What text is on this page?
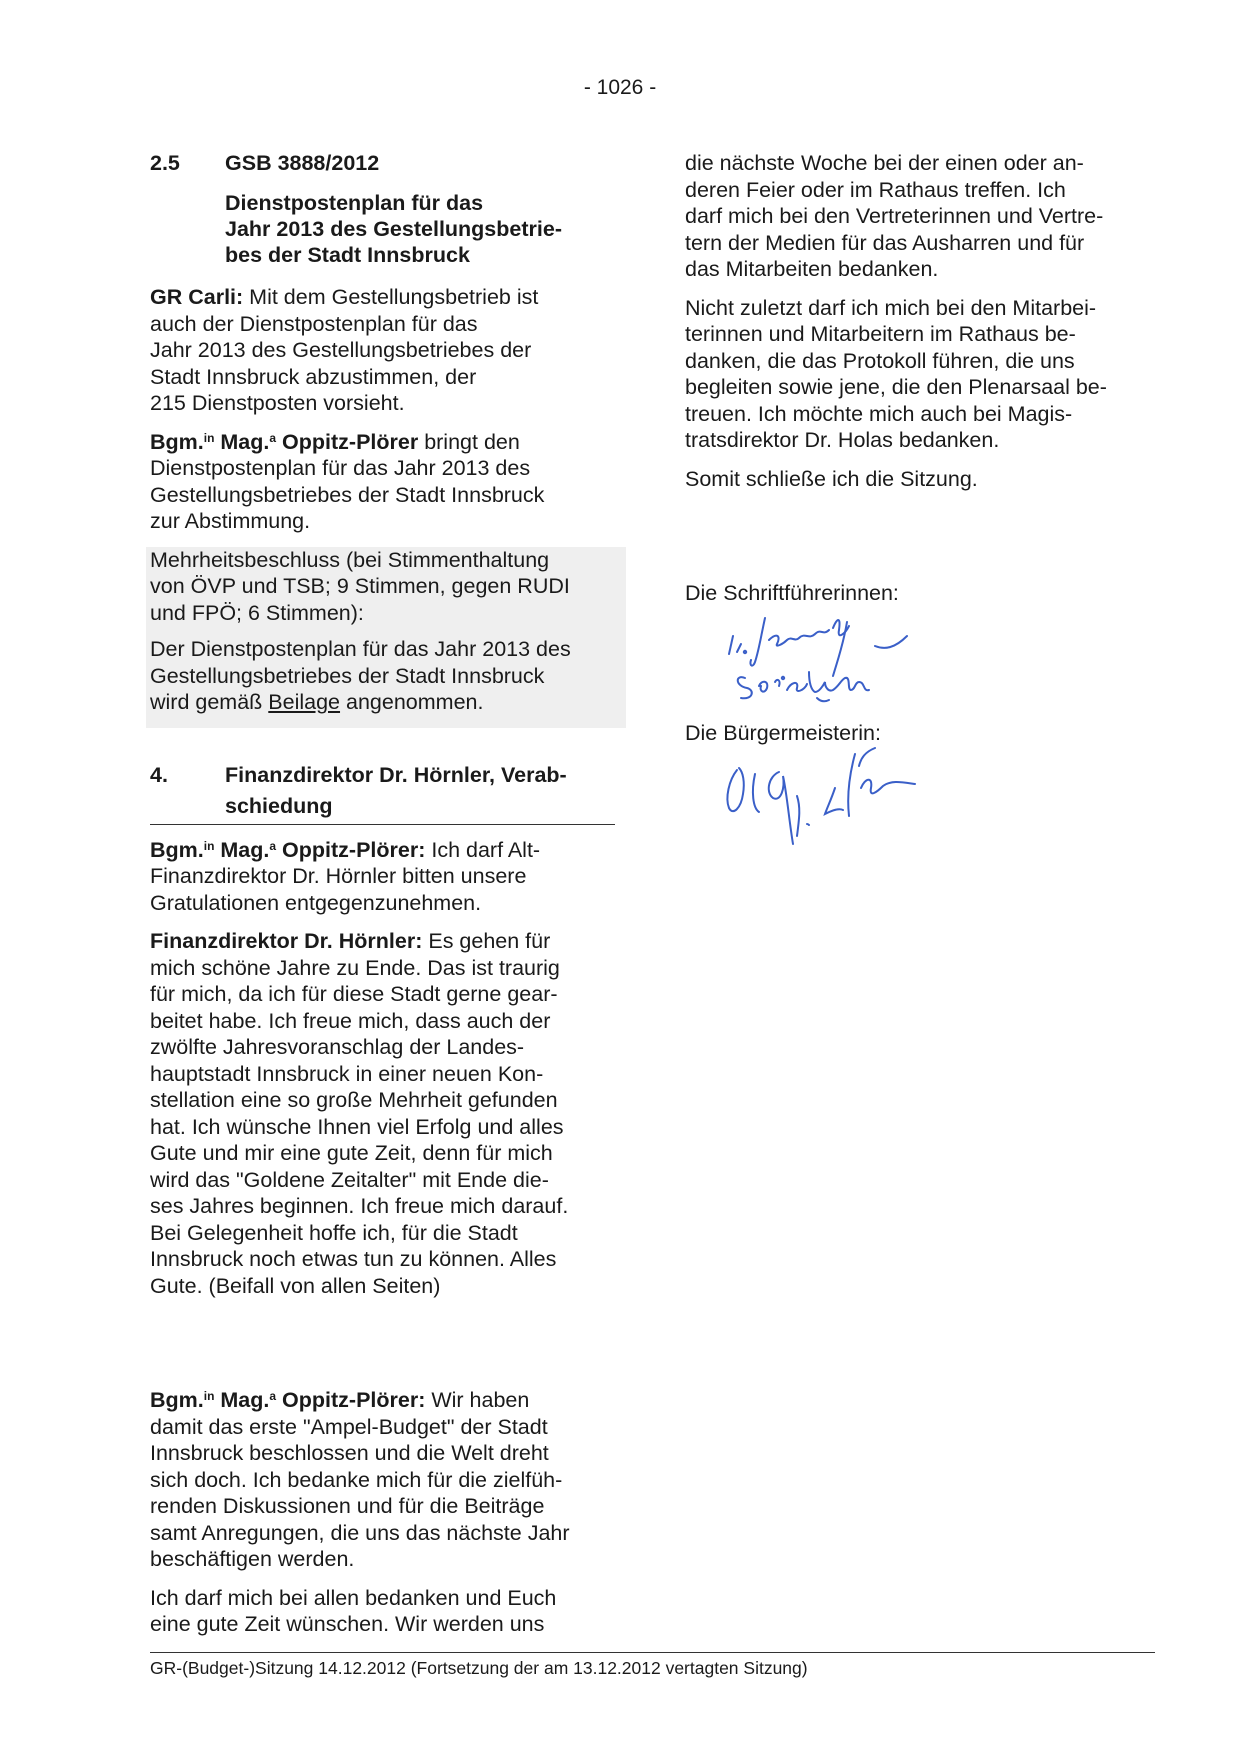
- 1026 -
2.5	GSB 3888/2012
Dienstpostenplan für das
Jahr 2013 des Gestellungsbetrie-
bes der Stadt Innsbruck

GR Carli: Mit dem Gestellungsbetrieb ist
auch der Dienstpostenplan für das
Jahr 2013 des Gestellungsbetriebes der
Stadt Innsbruck abzustimmen, der
215 Dienstposten vorsieht.

Bgm.$^{in}$ Mag.$^a$ Oppitz-Plörer bringt den
Dienstpostenplan für das Jahr 2013 des
Gestellungsbetriebes der Stadt Innsbruck
zur Abstimmung.

Mehrheitsbeschluss (bei Stimmenthaltung
von ÖVP und TSB; 9 Stimmen, gegen RUDI
und FPÖ; 6 Stimmen):

Der Dienstpostenplan für das Jahr 2013 des
Gestellungsbetriebes der Stadt Innsbruck
wird gemäß Beilage angenommen.

4.	Finanzdirektor Dr. Hörnler, Verab-
schiedung

Bgm.$^{in}$ Mag.$^a$ Oppitz-Plörer: Ich darf Alt-
Finanzdirektor Dr. Hörnler bitten unsere
Gratulationen entgegenzunehmen.

Finanzdirektor Dr. Hörnler: Es gehen für
mich schöne Jahre zu Ende. Das ist traurig
für mich, da ich für diese Stadt gerne gear-
beitet habe. Ich freue mich, dass auch der
zwölfte Jahresvoranschlag der Landes-
hauptstadt Innsbruck in einer neuen Kon-
stellation eine so große Mehrheit gefunden
hat. Ich wünsche Ihnen viel Erfolg und alles
Gute und mir eine gute Zeit, denn für mich
wird das "Goldene Zeitalter" mit Ende die-
ses Jahres beginnen. Ich freue mich darauf.
Bei Gelegenheit hoffe ich, für die Stadt
Innsbruck noch etwas tun zu können. Alles
Gute. (Beifall von allen Seiten)

Bgm.$^{in}$ Mag.$^a$ Oppitz-Plörer: Wir haben
damit das erste "Ampel-Budget" der Stadt
Innsbruck beschlossen und die Welt dreht
sich doch. Ich bedanke mich für die zielfüh-
renden Diskussionen und für die Beiträge
samt Anregungen, die uns das nächste Jahr
beschäftigen werden.

Ich darf mich bei allen bedanken und Euch
eine gute Zeit wünschen. Wir werden uns

die nächste Woche bei der einen oder an-
deren Feier oder im Rathaus treffen. Ich
darf mich bei den Vertreterinnen und Vertre-
tern der Medien für das Ausharren und für
das Mitarbeiten bedanken.

Nicht zuletzt darf ich mich bei den Mitarbei-
terinnen und Mitarbeitern im Rathaus be-
danken, die das Protokoll führen, die uns
begleiten sowie jene, die den Plenarsaal be-
treuen. Ich möchte mich auch bei Magis-
tratsdirektor Dr. Holas bedanken.

Somit schließe ich die Sitzung.

Die Schriftführerinnen:
Die Bürgermeisterin:
GR-(Budget-)Sitzung 14.12.2012 (Fortsetzung der am 13.12.2012 vertagten Sitzung)
